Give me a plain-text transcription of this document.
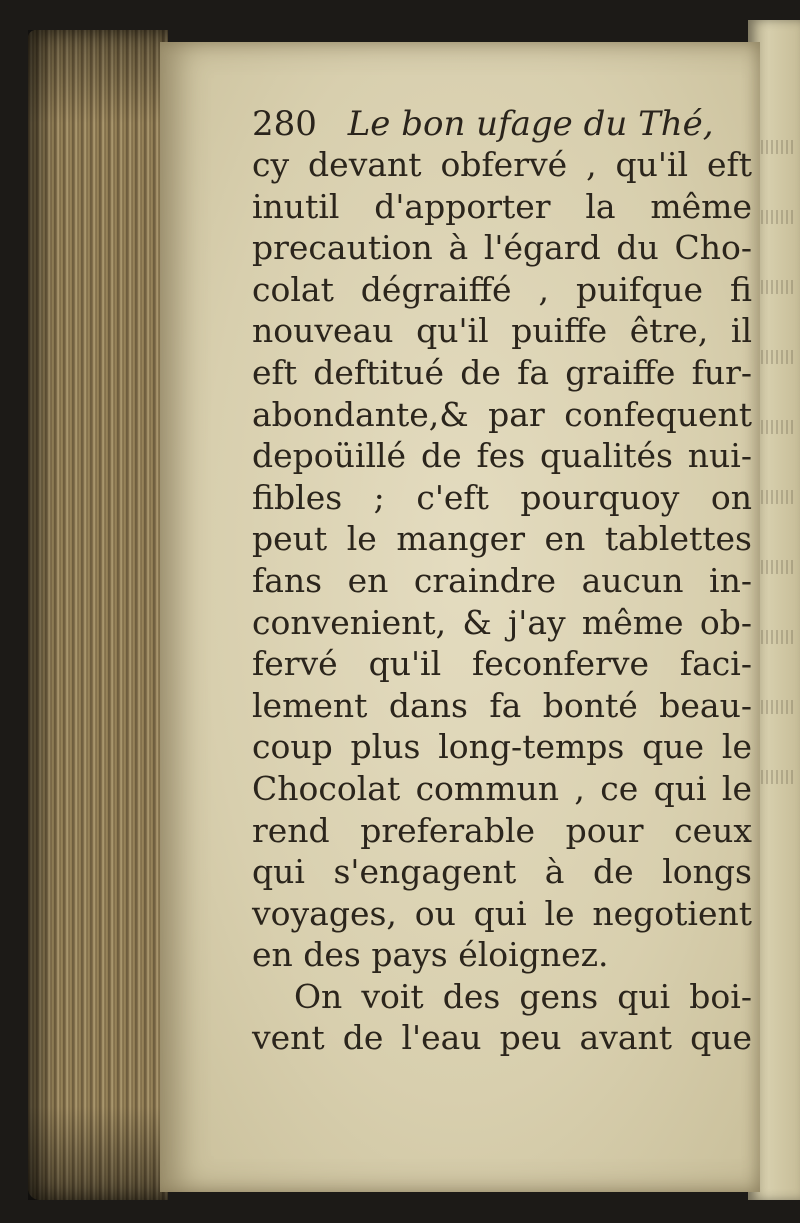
280 Le bon ufage du Thé,
cy devant obfervé , qu'il eft
inutil d'apporter la même
precaution à l'égard du Cho-
colat dégraiffé , puifque fi
nouveau qu'il puiffe être, il
eft deftitué de fa graiffe fur-
abondante,& par confequent
depoüillé de fes qualités nui-
fibles ; c'eft pourquoy on
peut le manger en tablettes
fans en craindre aucun in-
convenient, & j'ay même ob-
fervé qu'il feconferve faci-
lement dans fa bonté beau-
coup plus long-temps que le
Chocolat commun , ce qui le
rend preferable pour ceux
qui s'engagent à de longs
voyages, ou qui le negotient
en des pays éloignez.
On voit des gens qui boi-
vent de l'eau peu avant que
